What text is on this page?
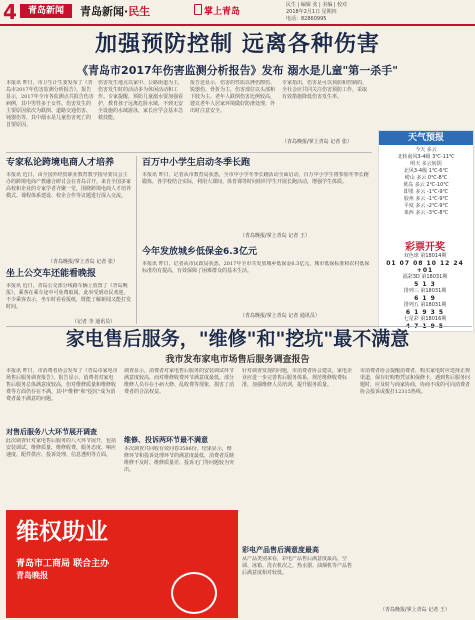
4	青岛新闻	青岛新闻·民生	掌上青岛
民生 | 编辑 张 | 美编 | 校对
2018年2月1日 星期四
电话：82860995
加强预防控制 远离各种伤害
《青岛市2017年伤害监测分析报告》发布 溺水是儿童"第一杀手"
本报讯 昨日，市卫生计生委发布了《青岛市2017年伤害监测分析报告》。报告显示，2017年全市各监测点共报告伤害病例，其中男性多于女性。伤害发生的主要原因依次为跌倒、道路交通伤害、钝器伤等，其中溺水是儿童伤害死亡的首要原因。
伤害发生地点以家中、公路街道为主，伤害发生时的活动多为休闲活动和工作。专家提醒，预防儿童溺水要加强看护，教育孩子远离危险水域，不到无安全设施的水域游泳，家长应学会基本急救技能。
报告还显示，伤害的性质以挫伤擦伤、锐器伤、骨折为主，伤害部位以头部和下肢为主。老年人跌倒伤害比例较高，建议老年人居家环境做好防滑处理，外出时注意安全。
专家指出，伤害是可以预防和控制的，全社会应共同关注伤害预防工作，采取有效措施降低伤害发生率。
（青岛晚报/掌上青岛 记者 张）
专家私论跨境电商人才培养
本报讯 近日，由全国外经贸职业教育教学指导委员会主办的跨境电商产教融合研讨会在青岛召开。来自全国多家高校和企业的专家学者齐聚一堂，围绕跨境电商人才培养模式、课程体系建设、校企合作等议题进行深入交流。
（青岛晚报/掌上青岛 记者 张）
坐上公交车还能看晚报
本报讯 近日，青岛公交部分线路车辆上放置了《青岛晚报》，乘客在乘车途中可免费取阅。此举受到市民欢迎，不少乘客表示，坐车时看看报纸，既能了解新闻又能打发时间。
（记者 李 通讯员）
百万中小学生启动冬季长跑
本报讯 昨日，记者从市教育局获悉，全市中小学冬季长跑活动全面启动，百万中小学生将参加冬季长跑锻炼。各学校结合实际，利用大课间、体育课等时间组织学生开展长跑活动，增强学生体质。
（青岛晚报/掌上青岛 记者 王）
今年发放城乡低保金6.3亿元
本报讯 昨日，记者从市民政局获悉，2017年全市共发放城乡低保金6.3亿元，城市低保标准和农村低保标准均有提高，有效保障了困难群众的基本生活。
（青岛晚报/掌上青岛 记者 通讯员）
天气预报
今天 多云
北转南风3-4级 3℃-11℃
明天 多云转阴
北风3-4级 1℃-6℃
崂山 多云 0℃-8℃
黄岛 多云 2℃-10℃
即墨 多云 -1℃-9℃
胶州 多云 -1℃-9℃
平度 多云 -2℃-9℃
莱西 多云 -3℃-8℃
彩票开奖
双色球 第18014期
01 07 08 10 12 24 +01
福彩3D 第18031期
5 1 3
排列三 第18031期
6 1 9
排列五 第18031期
6 1 9 3 5
七星彩 第18016期
家电售后服务，"维修"和"挖坑"最不满意
我市发布家电市场售后服务调查报告
本报讯 昨日，市消费者协会发布了《青岛市家电市场售后服务调查报告》。报告显示，消费者对家电售后服务总体满意度较高，但对维修质量和维修收费等方面仍存在不满，其中"维修"和"挖坑"成为消费者最不满意的问题。
对售后服务八大环节展开调查
此次调查针对家电售后服务的八大环节展开，包括安装调试、维修质量、维修收费、服务态度、响应速度、配件供应、投诉处理、信息透明等方面。
调查显示，消费者对家电售后服务的安装调试环节满意度较高，而对维修收费环节满意度最低。部分维修人员存在小病大修、乱收费等现象，损害了消费者的合法权益。
维修、投诉两环节最不满意
本次调查共回收有效问卷3586份，结果显示，维修环节和投诉处理环节的满意度最低，消费者反映维修不及时、维修质量差、投诉无门等问题较为突出。
针对调查发现的问题，市消费者协会建议，家电企业应进一步完善售后服务体系，规范维修收费标准，加强维修人员培训，提升服务质量。
彩电产品售后满意度最高
从产品类别来看，彩电产品售后满意度最高，空调、冰箱、洗衣机次之，热水器、油烟机等产品售后满意度相对较低。
市消费者协会提醒消费者，购买家电时应选择正规渠道，保存好购物凭证和保修卡，遇到售后服务问题时，应及时与商家协商，协商不成的可向消费者协会投诉或拨打12315热线。
（青岛晚报/掌上青岛 记者 王）
维权助业
青岛市工商局 联合主办
青岛晚报
